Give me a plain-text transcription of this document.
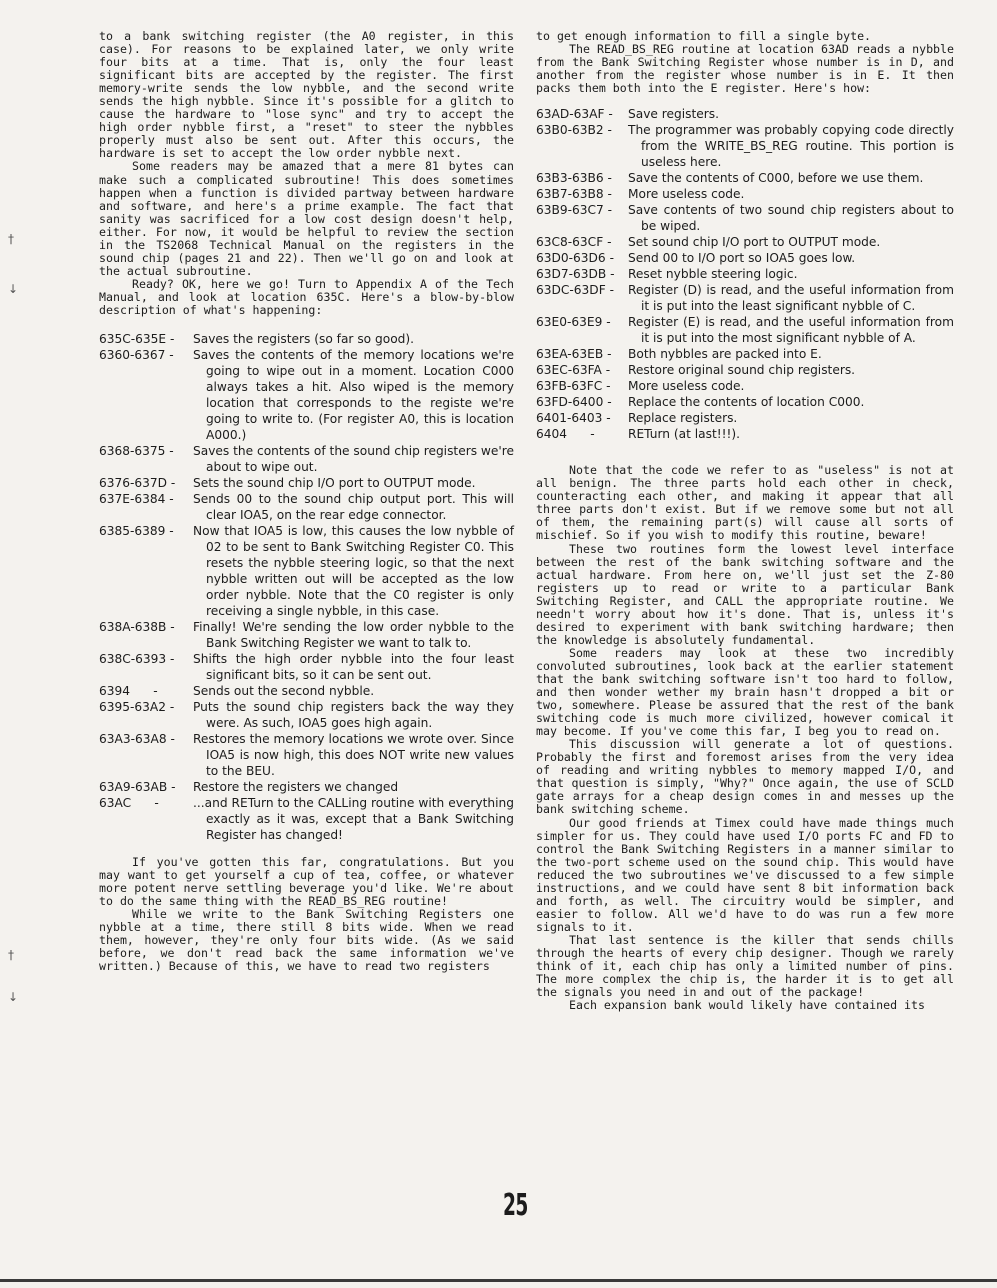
†
↓
†
↓

to a bank switching register (the A0 register, in this case). For reasons to be explained later, we only write four bits at a time. That is, only the four least significant bits are accepted by the register. The first memory-write sends the low nybble, and the second write sends the high nybble. Since it's possible for a glitch to cause the hardware to "lose sync" and try to accept the high order nybble first, a "reset" to steer the nybbles properly must also be sent out. After this occurs, the hardware is set to accept the low order nybble next.

Some readers may be amazed that a mere 81 bytes can make such a complicated subroutine! This does sometimes happen when a function is divided partway between hardware and software, and here's a prime example. The fact that sanity was sacrificed for a low cost design doesn't help, either. For now, it would be helpful to review the section in the TS2068 Technical Manual on the registers in the sound chip (pages 21 and 22). Then we'll go on and look at the actual subroutine.

Ready? OK, here we go! Turn to Appendix A of the Tech Manual, and look at location 635C. Here's a blow-by-blow description of what's happening:

635C-635E -	Saves the registers (so far so good).
6360-6367 -	Saves the contents of the memory locations we're going to wipe out in a moment. Location C000 always takes a hit. Also wiped is the memory location that corresponds to the registe we're going to write to. (For register A0, this is location A000.)
6368-6375 -	Saves the contents of the sound chip registers we're about to wipe out.
6376-637D -	Sets the sound chip I/O port to OUTPUT mode.
637E-6384 -	Sends 00 to the sound chip output port. This will clear IOA5, on the rear edge connector.
6385-6389 -	Now that IOA5 is low, this causes the low nybble of 02 to be sent to Bank Switching Register C0. This resets the nybble steering logic, so that the next nybble written out will be accepted as the low order nybble. Note that the C0 register is only receiving a single nybble, in this case.
638A-638B -	Finally! We're sending the low order nybble to the Bank Switching Register we want to talk to.
638C-6393 -	Shifts the high order nybble into the four least significant bits, so it can be sent out.
6394      -	Sends out the second nybble.
6395-63A2 -	Puts the sound chip registers back the way they were. As such, IOA5 goes high again.
63A3-63A8 -	Restores the memory locations we wrote over. Since IOA5 is now high, this does NOT write new values to the BEU.
63A9-63AB -	Restore the registers we changed
63AC      -	...and RETurn to the CALLing routine with everything exactly as it was, except that a Bank Switching Register has changed!

If you've gotten this far, congratulations. But you may want to get yourself a cup of tea, coffee, or whatever more potent nerve settling beverage you'd like. We're about to do the same thing with the READ_BS_REG routine!

While we write to the Bank Switching Registers one nybble at a time, there still 8 bits wide. When we read them, however, they're only four bits wide. (As we said before, we don't read back the same information we've written.) Because of this, we have to read two registers

to get enough information to fill a single byte.

The READ_BS_REG routine at location 63AD reads a nybble from the Bank Switching Register whose number is in D, and another from the register whose number is in E. It then packs them both into the E register. Here's how:

63AD-63AF -	Save registers.
63B0-63B2 -	The programmer was probably copying code directly from the WRITE_BS_REG routine. This portion is useless here.
63B3-63B6 -	Save the contents of C000, before we use them.
63B7-63B8 -	More useless code.
63B9-63C7 -	Save contents of two sound chip registers about to be wiped.
63C8-63CF -	Set sound chip I/O port to OUTPUT mode.
63D0-63D6 -	Send 00 to I/O port so IOA5 goes low.
63D7-63DB -	Reset nybble steering logic.
63DC-63DF -	Register (D) is read, and the useful information from it is put into the least significant nybble of C.
63E0-63E9 -	Register (E) is read, and the useful information from it is put into the most significant nybble of A.
63EA-63EB -	Both nybbles are packed into E.
63EC-63FA -	Restore original sound chip registers.
63FB-63FC -	More useless code.
63FD-6400 -	Replace the contents of location C000.
6401-6403 -	Replace registers.
6404      -	RETurn (at last!!!).

Note that the code we refer to as "useless" is not at all benign. The three parts hold each other in check, counteracting each other, and making it appear that all three parts don't exist. But if we remove some but not all of them, the remaining part(s) will cause all sorts of mischief. So if you wish to modify this routine, beware!

These two routines form the lowest level interface between the rest of the bank switching software and the actual hardware. From here on, we'll just set the Z-80 registers up to read or write to a particular Bank Switching Register, and CALL the appropriate routine. We needn't worry about how it's done. That is, unless it's desired to experiment with bank switching hardware; then the knowledge is absolutely fundamental.

Some readers may look at these two incredibly convoluted subroutines, look back at the earlier statement that the bank switching software isn't too hard to follow, and then wonder wether my brain hasn't dropped a bit or two, somewhere. Please be assured that the rest of the bank switching code is much more civilized, however comical it may become. If you've come this far, I beg you to read on.

This discussion will generate a lot of questions. Probably the first and foremost arises from the very idea of reading and writing nybbles to memory mapped I/O, and that question is simply, "Why?" Once again, the use of SCLD gate arrays for a cheap design comes in and messes up the bank switching scheme.

Our good friends at Timex could have made things much simpler for us. They could have used I/O ports FC and FD to control the Bank Switching Registers in a manner similar to the two-port scheme used on the sound chip. This would have reduced the two subroutines we've discussed to a few simple instructions, and we could have sent 8 bit information back and forth, as well. The circuitry would be simpler, and easier to follow. All we'd have to do was run a few more signals to it.

That last sentence is the killer that sends chills through the hearts of every chip designer. Though we rarely think of it, each chip has only a limited number of pins. The more complex the chip is, the harder it is to get all the signals you need in and out of the package!

Each expansion bank would likely have contained its

25
